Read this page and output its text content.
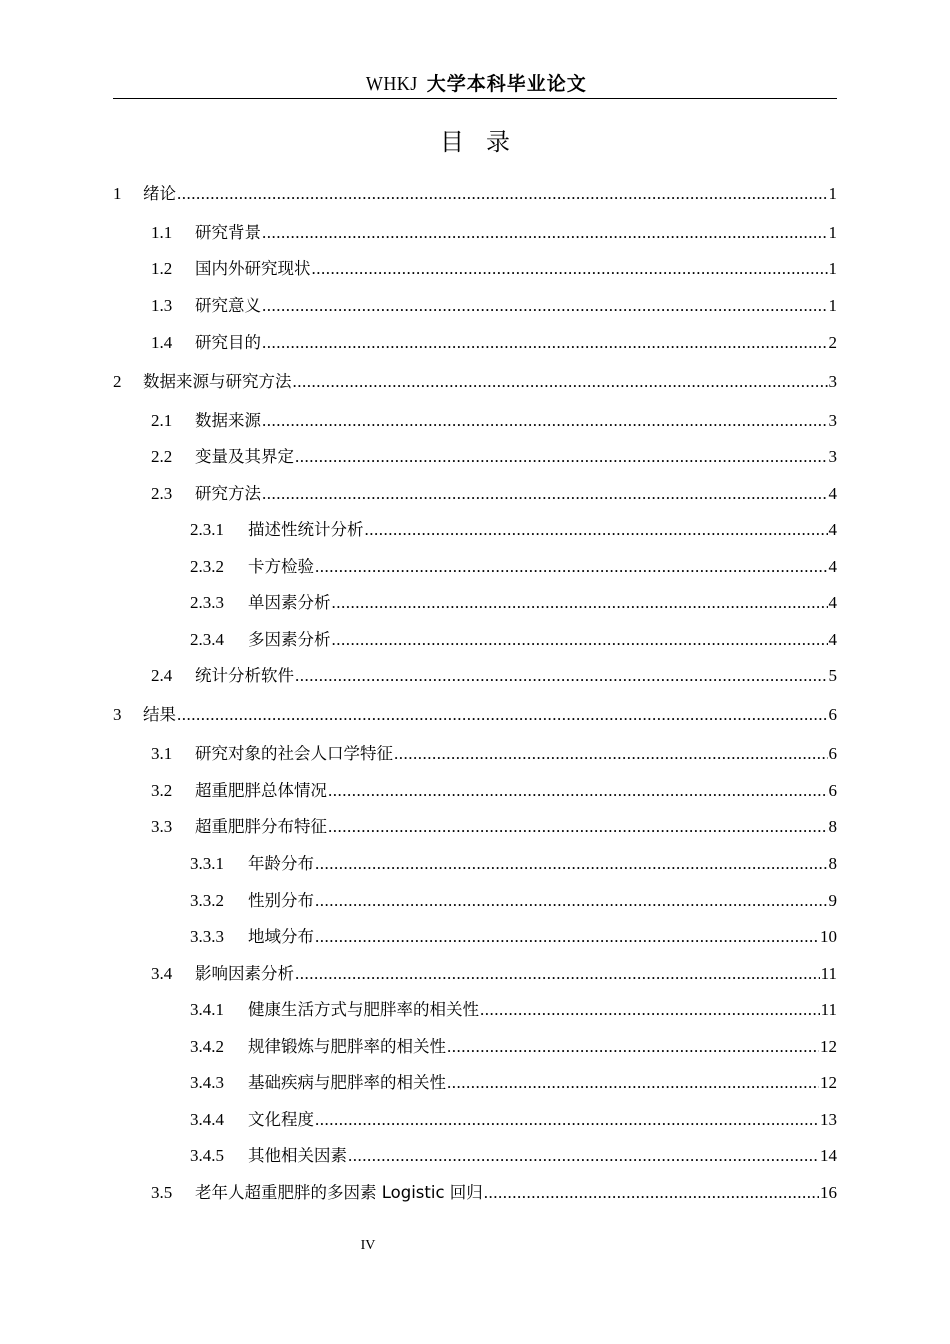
WHKJ 大学本科毕业论文
目录
1	绪论 .....	1
1.1	研究背景 .....	1
1.2	国内外研究现状 .....	1
1.3	研究意义 .....	1
1.4	研究目的 .....	2
2	数据来源与研究方法 .....	3
2.1	数据来源 .....	3
2.2	变量及其界定 .....	3
2.3	研究方法 .....	4
2.3.1	描述性统计分析 .....	4
2.3.2	卡方检验 .....	4
2.3.3	单因素分析 .....	4
2.3.4	多因素分析 .....	4
2.4	统计分析软件 .....	5
3	结果 .....	6
3.1	研究对象的社会人口学特征 .....	6
3.2	超重肥胖总体情况 .....	6
3.3	超重肥胖分布特征 .....	8
3.3.1	年龄分布 .....	8
3.3.2	性别分布 .....	9
3.3.3	地域分布 .....	10
3.4	影响因素分析 .....	11
3.4.1	健康生活方式与肥胖率的相关性 .....	11
3.4.2	规律锻炼与肥胖率的相关性 .....	12
3.4.3	基础疾病与肥胖率的相关性 .....	12
3.4.4	文化程度 .....	13
3.4.5	其他相关因素 .....	14
3.5	老年人超重肥胖的多因素 Logistic 回归 .....	16
IV
